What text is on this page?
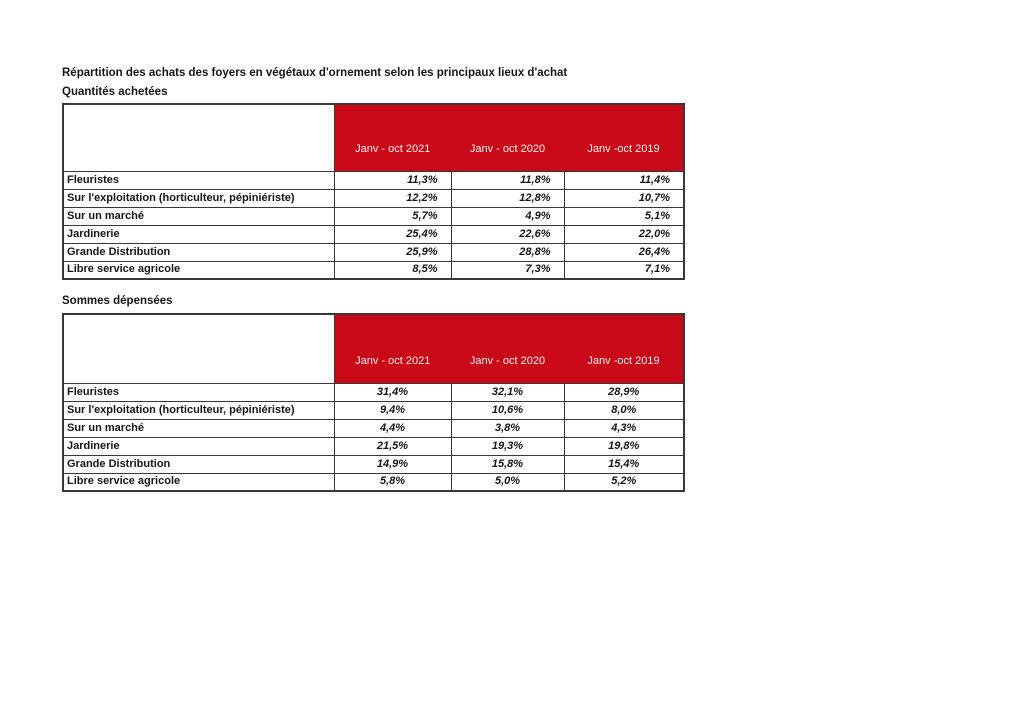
Répartition des achats des foyers en végétaux d'ornement selon les principaux lieux d'achat
Quantités achetées
	Janv - oct 2021	Janv - oct 2020	Janv -oct 2019
Fleuristes	11,3%	11,8%	11,4%
Sur l'exploitation (horticulteur, pépiniériste)	12,2%	12,8%	10,7%
Sur un marché	5,7%	4,9%	5,1%
Jardinerie	25,4%	22,6%	22,0%
Grande Distribution	25,9%	28,8%	26,4%
Libre service agricole	8,5%	7,3%	7,1%
Sommes dépensées
	Janv - oct 2021	Janv - oct 2020	Janv -oct 2019
Fleuristes	31,4%	32,1%	28,9%
Sur l'exploitation (horticulteur, pépiniériste)	9,4%	10,6%	8,0%
Sur un marché	4,4%	3,8%	4,3%
Jardinerie	21,5%	19,3%	19,8%
Grande Distribution	14,9%	15,8%	15,4%
Libre service agricole	5,8%	5,0%	5,2%
